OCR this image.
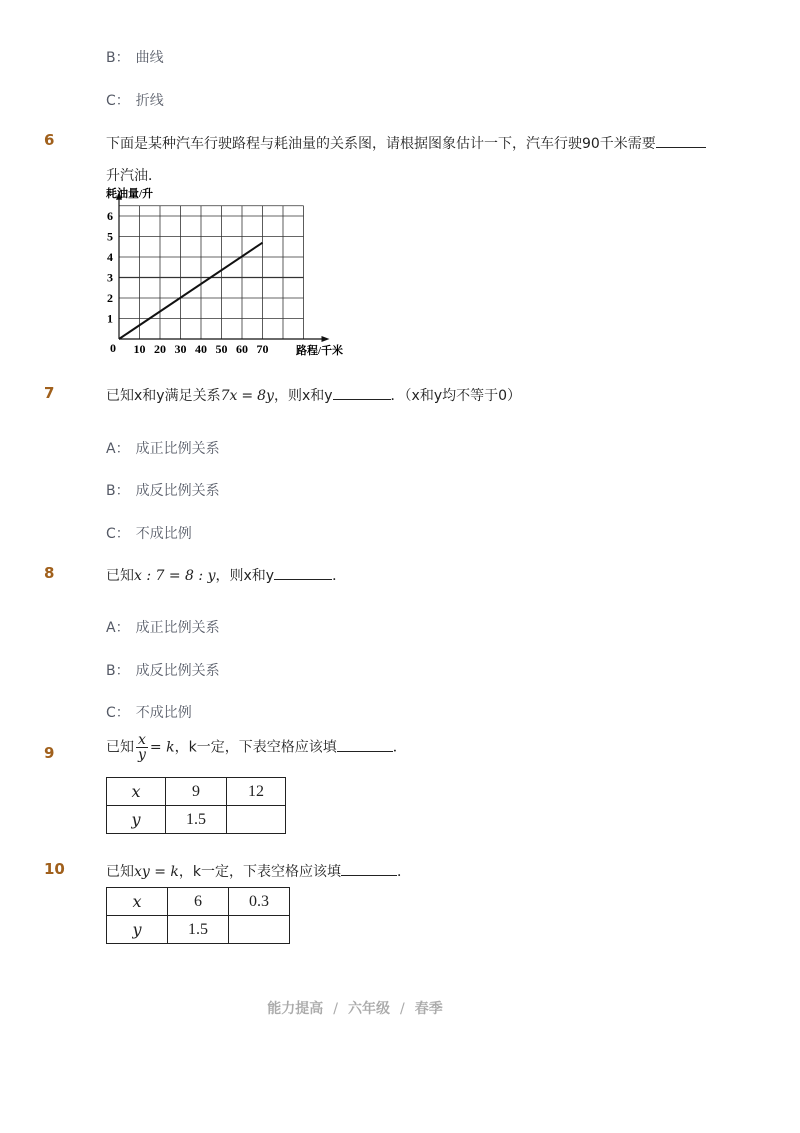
B： 曲线
C： 折线
6	下面是某种汽车行驶路程与耗油量的关系图，请根据图象估计一下，汽车行驶90千米需要
升汽油．
10 20 30 40 50 60 70
1
2
3
4
5
6
耗油量/升
路程/千米
0
7	已知x和y满足关系7x = 8y，则x和y	．（x和y均不等于0）
A： 成正比例关系
B： 成反比例关系
C： 不成比例
8	已知x : 7 = 8 : y，则x和y	．
A： 成正比例关系
B： 成反比例关系
C： 不成比例
9	已知 $\frac{x}{y} = k$，k一定，下表空格应该填	．
x	9	12
y	1.5	
10	已知xy = k，k一定，下表空格应该填	．
x	6	0.3
y	1.5	
能力提高 / 六年级 / 春季
